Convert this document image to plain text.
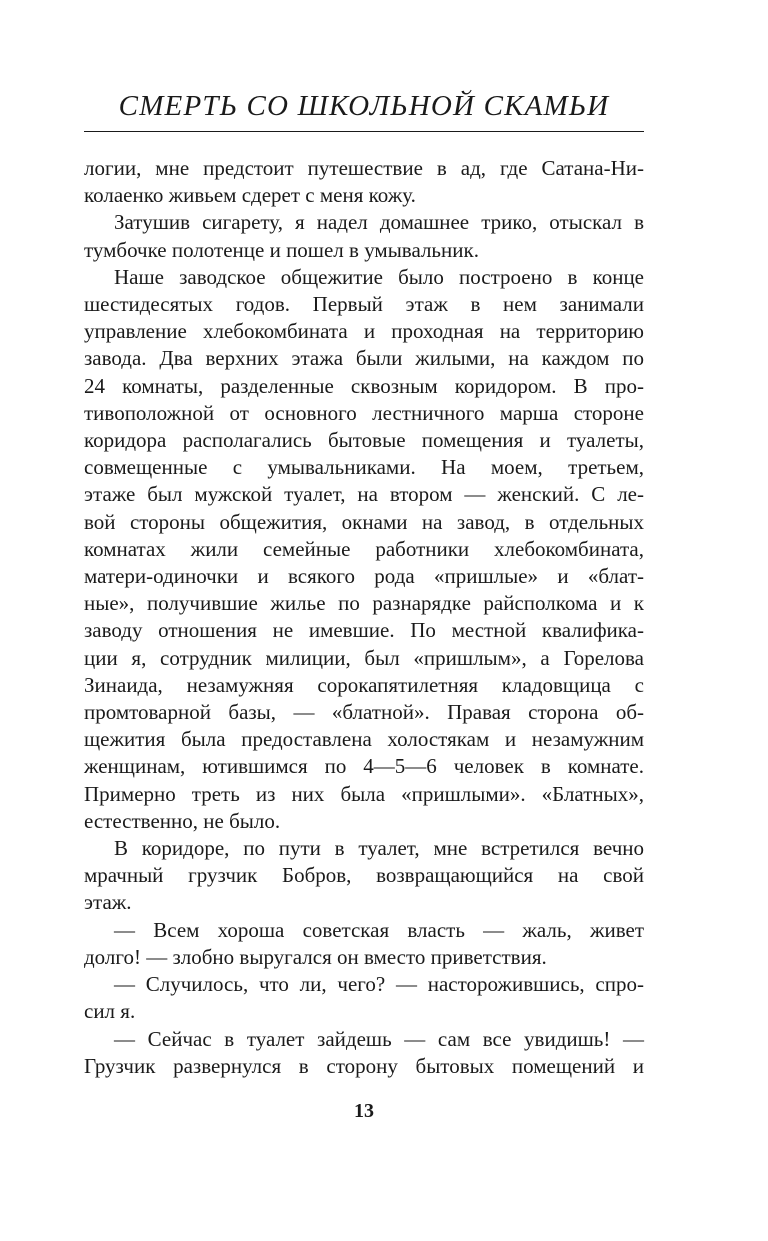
СМЕРТЬ СО ШКОЛЬНОЙ СКАМЬИ
логии, мне предстоит путешествие в ад, где Сатана-Ни-
колаенко живьем сдерет с меня кожу.
Затушив сигарету, я надел домашнее трико, отыскал в
тумбочке полотенце и пошел в умывальник.
Наше заводское общежитие было построено в конце
шестидесятых годов. Первый этаж в нем занимали
управление хлебокомбината и проходная на территорию
завода. Два верхних этажа были жилыми, на каждом по
24 комнаты, разделенные сквозным коридором. В про-
тивоположной от основного лестничного марша стороне
коридора располагались бытовые помещения и туалеты,
совмещенные с умывальниками. На моем, третьем,
этаже был мужской туалет, на втором — женский. С ле-
вой стороны общежития, окнами на завод, в отдельных
комнатах жили семейные работники хлебокомбината,
матери-одиночки и всякого рода «пришлые» и «блат-
ные», получившие жилье по разнарядке райсполкома и к
заводу отношения не имевшие. По местной квалифика-
ции я, сотрудник милиции, был «пришлым», а Горелова
Зинаида, незамужняя сорокапятилетняя кладовщица с
промтоварной базы, — «блатной». Правая сторона об-
щежития была предоставлена холостякам и незамужним
женщинам, ютившимся по 4—5—6 человек в комнате.
Примерно треть из них была «пришлыми». «Блатных»,
естественно, не было.
В коридоре, по пути в туалет, мне встретился вечно
мрачный грузчик Бобров, возвращающийся на свой
этаж.
— Всем хороша советская власть — жаль, живет
долго! — злобно выругался он вместо приветствия.
— Случилось, что ли, чего? — насторожившись, спро-
сил я.
— Сейчас в туалет зайдешь — сам все увидишь! —
Грузчик развернулся в сторону бытовых помещений и
13
